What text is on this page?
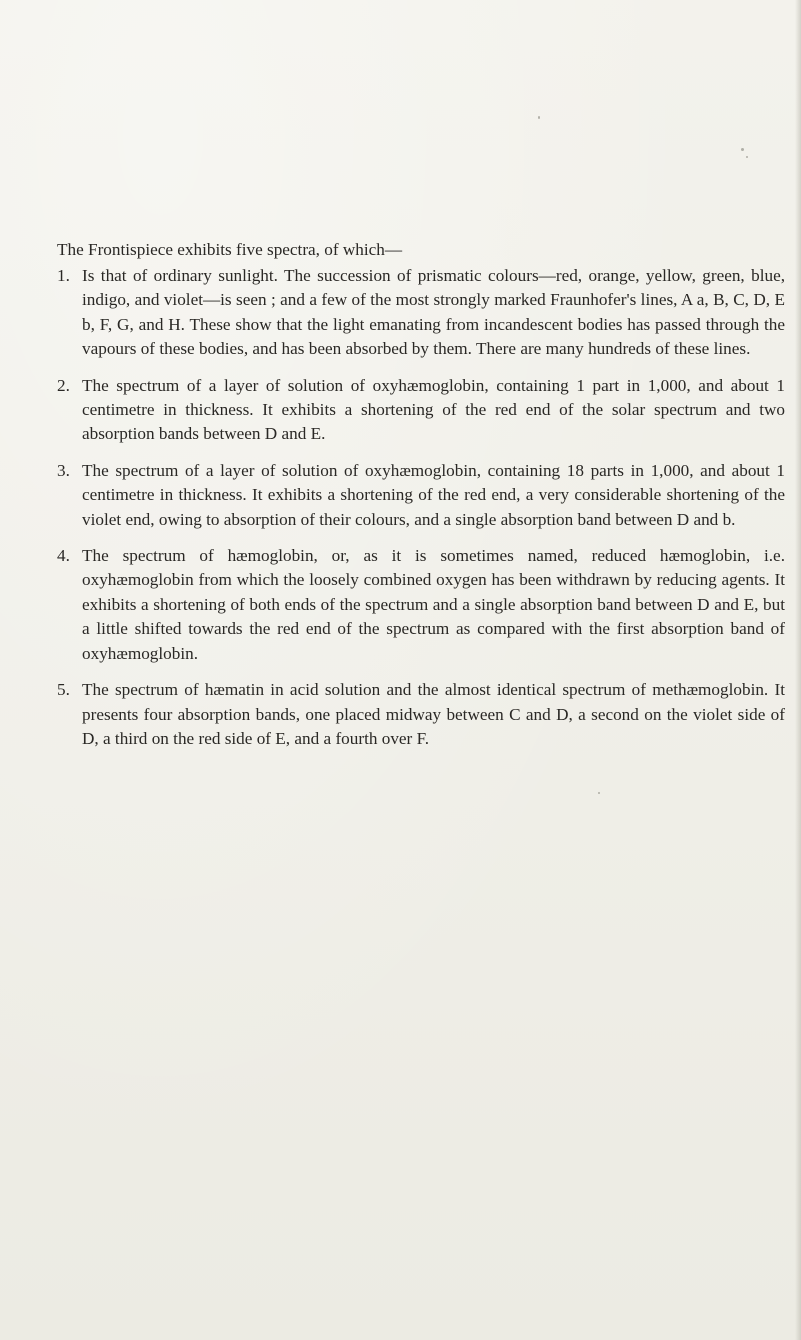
The Frontispiece exhibits five spectra, of which—

1. Is that of ordinary sunlight. The succession of prismatic colours—red, orange, yellow, green, blue, indigo, and violet—is seen ; and a few of the most strongly marked Fraunhofer's lines, A a, B, C, D, E b, F, G, and H. These show that the light emanating from incandescent bodies has passed through the vapours of these bodies, and has been absorbed by them. There are many hundreds of these lines.
2. The spectrum of a layer of solution of oxyhæmoglobin, containing 1 part in 1,000, and about 1 centimetre in thickness. It exhibits a shortening of the red end of the solar spectrum and two absorption bands between D and E.
3. The spectrum of a layer of solution of oxyhæmoglobin, containing 18 parts in 1,000, and about 1 centimetre in thickness. It exhibits a shortening of the red end, a very considerable shortening of the violet end, owing to absorption of their colours, and a single absorption band between D and b.
4. The spectrum of hæmoglobin, or, as it is sometimes named, reduced hæmoglobin, i.e. oxyhæmoglobin from which the loosely combined oxygen has been withdrawn by reducing agents. It exhibits a shortening of both ends of the spectrum and a single absorption band between D and E, but a little shifted towards the red end of the spectrum as compared with the first absorption band of oxyhæmoglobin.
5. The spectrum of hæmatin in acid solution and the almost identical spectrum of methæmoglobin. It presents four absorption bands, one placed midway between C and D, a second on the violet side of D, a third on the red side of E, and a fourth over F.
